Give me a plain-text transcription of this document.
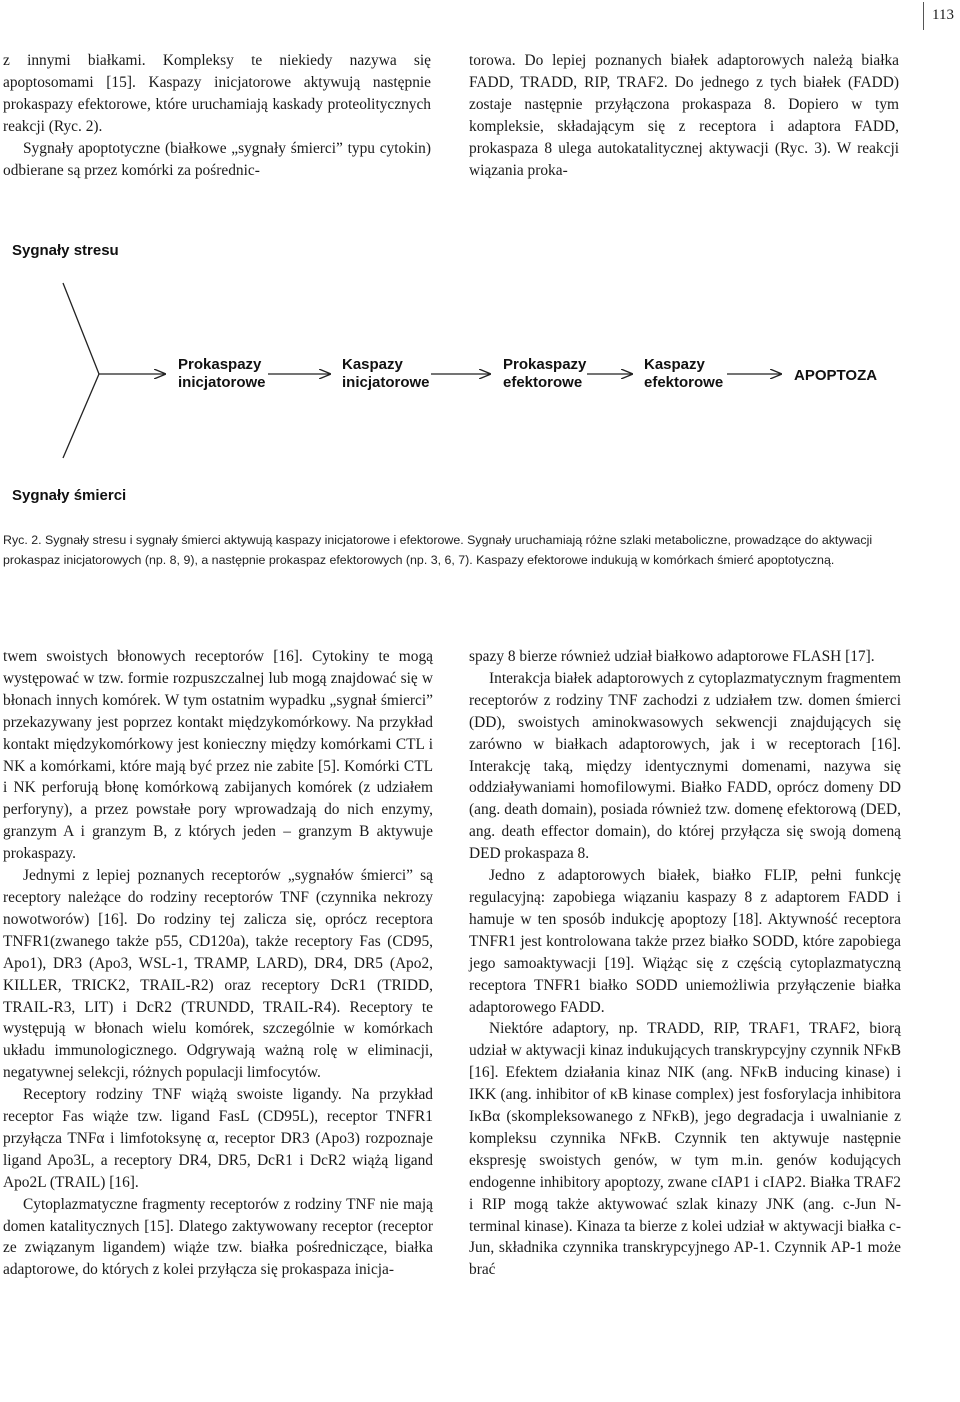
113

z innymi białkami. Kompleksy te niekiedy nazywa się apoptosomami [15]. Kaspazy inicjatorowe aktywują następnie prokaspazy efektorowe, które uruchamiają kaskady proteolitycznych reakcji (Ryc. 2).

Sygnały apoptotyczne (białkowe „sygnały śmierci” typu cytokin) odbierane są przez komórki za pośrednic-

torowa. Do lepiej poznanych białek adaptorowych należą białka FADD, TRADD, RIP, TRAF2. Do jednego z tych białek (FADD) zostaje następnie przyłączona prokaspaza 8. Dopiero w tym kompleksie, składającym się z receptora i adaptora FADD, prokaspaza 8 ulega autokatalitycznej aktywacji (Ryc. 3). W reakcji wiązania proka-

Sygnały stresu
Sygnały śmierci
Prokaspazy
inicjatorowe
Kaspazy
inicjatorowe
Prokaspazy
efektorowe
Kaspazy
efektorowe	APOPTOZA

Ryc. 2. Sygnały stresu i sygnały śmierci aktywują kaspazy inicjatorowe i efektorowe. Sygnały uruchamiają różne szlaki metaboliczne, prowadzące do aktywacji prokaspaz inicjatorowych (np. 8, 9), a następnie prokaspaz efektorowych (np. 3, 6, 7). Kaspazy efektorowe indukują w komórkach śmierć apoptotyczną.

twem swoistych błonowych receptorów [16]. Cytokiny te mogą występować w tzw. formie rozpuszczalnej lub mogą znajdować się w błonach innych komórek. W tym ostatnim wypadku „sygnał śmierci” przekazywany jest poprzez kontakt międzykomórkowy. Na przykład kontakt międzykomórkowy jest konieczny między komórkami CTL i NK a komórkami, które mają być przez nie zabite [5]. Komórki CTL i NK perforują błonę komórkową zabijanych komórek (z udziałem perforyny), a przez powstałe pory wprowadzają do nich enzymy, granzym A i granzym B, z których jeden – granzym B aktywuje prokaspazy.

Jednymi z lepiej poznanych receptorów „sygnałów śmierci” są receptory należące do rodziny receptorów TNF (czynnika nekrozy nowotworów) [16]. Do rodziny tej zalicza się, oprócz receptora TNFR1(zwanego także p55, CD120a), także receptory Fas (CD95, Apo1), DR3 (Apo3, WSL-1, TRAMP, LARD), DR4, DR5 (Apo2, KILLER, TRICK2, TRAIL-R2) oraz receptory DcR1 (TRIDD, TRAIL-R3, LIT) i DcR2 (TRUNDD, TRAIL-R4). Receptory te występują w błonach wielu komórek, szczególnie w komórkach układu immunologicznego. Odgrywają ważną rolę w eliminacji, negatywnej selekcji, różnych populacji limfocytów.

Receptory rodziny TNF wiążą swoiste ligandy. Na przykład receptor Fas wiąże tzw. ligand FasL (CD95L), receptor TNFR1 przyłącza TNFα i limfotoksynę α, receptor DR3 (Apo3) rozpoznaje ligand Apo3L, a receptory DR4, DR5, DcR1 i DcR2 wiążą ligand Apo2L (TRAIL) [16].

Cytoplazmatyczne fragmenty receptorów z rodziny TNF nie mają domen katalitycznych [15]. Dlatego zaktywowany receptor (receptor ze związanym ligandem) wiąże tzw. białka pośredniczące, białka adaptorowe, do których z kolei przyłącza się prokaspaza inicja-

spazy 8 bierze również udział białkowo adaptorowe FLASH [17].

Interakcja białek adaptorowych z cytoplazmatycznym fragmentem receptorów z rodziny TNF zachodzi z udziałem tzw. domen śmierci (DD), swoistych aminokwasowych sekwencji znajdujących się zarówno w białkach adaptorowych, jak i w receptorach [16]. Interakcję taką, między identycznymi domenami, nazywa się oddziaływaniami homofilowymi. Białko FADD, oprócz domeny DD (ang. death domain), posiada również tzw. domenę efektorową (DED, ang. death effector domain), do której przyłącza się swoją domeną DED prokaspaza 8.

Jedno z adaptorowych białek, białko FLIP, pełni funkcję regulacyjną: zapobiega wiązaniu kaspazy 8 z adaptorem FADD i hamuje w ten sposób indukcję apoptozy [18]. Aktywność receptora TNFR1 jest kontrolowana także przez białko SODD, które zapobiega jego samoaktywacji [19]. Wiążąc się z częścią cytoplazmatyczną receptora TNFR1 białko SODD uniemożliwia przyłączenie białka adaptorowego FADD.

Niektóre adaptory, np. TRADD, RIP, TRAF1, TRAF2, biorą udział w aktywacji kinaz indukujących transkrypcyjny czynnik NFκB [16]. Efektem działania kinaz NIK (ang. NFκB inducing kinase) i IKK (ang. inhibitor of κB kinase complex) jest fosforylacja inhibitora IκBα (skompleksowanego z NFκB), jego degradacja i uwalnianie z kompleksu czynnika NFκB. Czynnik ten aktywuje następnie ekspresję swoistych genów, w tym m.in. genów kodujących endogenne inhibitory apoptozy, zwane cIAP1 i cIAP2. Białka TRAF2 i RIP mogą także aktywować szlak kinazy JNK (ang. c-Jun N-terminal kinase). Kinaza ta bierze z kolei udział w aktywacji białka c-Jun, składnika czynnika transkrypcyjnego AP-1. Czynnik AP-1 może brać
